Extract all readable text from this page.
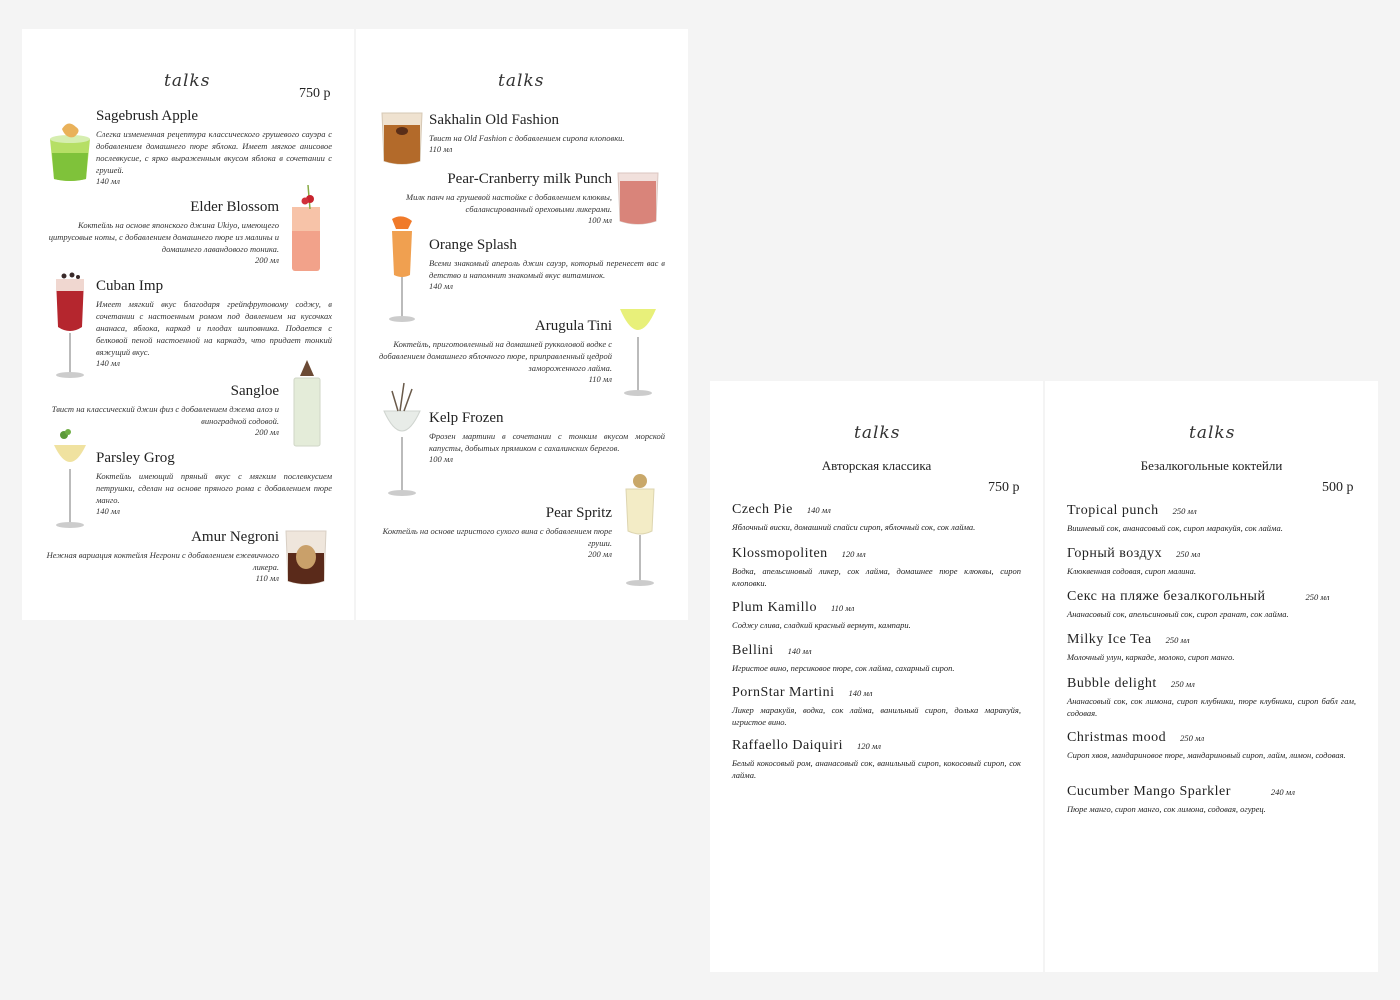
talks
750 р
Sagebrush Apple
Слегка измененная рецептура классического грушевого сауэра с добавлением домашнего пюре яблока. Имеет мягкое анисовое послевкусие, с ярко выраженным вкусом яблока в сочетании с грушей.
140 мл
Elder Blossom
Коктейль на основе японского джина Ukiyo, имеющего цитрусовые ноты, с добавлением домашнего пюре из малины и домашнего лавандового тоника.
200 мл
Cuban Imp
Имеет мягкий вкус благодаря грейпфрутовому соджу, в сочетании с настоенным ромом под давлением на кусочках ананаса, яблока, каркад и плодах шиповника. Подается с белковой пеной настоенной на каркадэ, что придает тонкий вяжущий вкус.
140 мл
Sangloe
Твист на классический джин физ с добавлением джема алоэ и виноградной содовой.
200 мл
Parsley Grog
Коктейль имеющий пряный вкус с мягким послевкусием петрушки, сделан на основе пряного рома с добавлением пюре манго.
140 мл
Amur Negroni
Нежная вариация коктейля Негрони с добавлением ежевичного ликера.
110 мл
talks
Sakhalin Old Fashion
Твист на Old Fashion с добавлением сиропа клоповки.
110 мл
Pear-Cranberry milk Punch
Милк панч на грушевой настойке с добавлением клюквы, сбалансированный ореховыми ликерами.
100 мл
Orange Splash
Всеми знакомый апероль джин сауэр, который перенесет вас в детство и напомнит знакомый вкус витаминок.
140 мл
Arugula Tini
Коктейль, приготовленный на домашней рукколовой водке с добавлением домашнего яблочного пюре, приправленный цедрой замороженного лайма.
110 мл
Kelp Frozen
Фрозен мартини в сочетании с тонким вкусом морской капусты, добытых прямиком с сахалинских берегов.
100 мл
Pear Spritz
Коктейль на основе игристого сухого вина с добавлением пюре груши.
200 мл
talks
Авторская классика
750 р
Czech Pie 140 мл
Яблочный виски, домашний спайси сироп, яблочный сок, сок лайма.
Klossmopoliten 120 мл
Водка, апельсиновый ликер, сок лайма, домашнее пюре клюквы, сироп клоповки.
Plum Kamillo 110 мл
Соджу слива, сладкий красный вермут, кампари.
Bellini 140 мл
Игристое вино, персиковое пюре, сок лайма, сахарный сироп.
PornStar Martini 140 мл
Ликер маракуйя, водка, сок лайма, ванильный сироп, долька маракуйя, игристое вино.
Raffaello Daiquiri 120 мл
Белый кокосовый ром, ананасовый сок, ванильный сироп, кокосовый сироп, сок лайма.
talks
Безалкогольные коктейли
500 р
Tropical punch 250 мл
Вишневый сок, ананасовый сок, сироп маракуйя, сок лайма.
Горный воздух 250 мл
Клюквенная содовая, сироп малина.
Секс на пляже безалкогольный	250 мл
Ананасовый сок, апельсиновый сок, сироп гранат, сок лайма.
Milky Ice Tea 250 мл
Молочный улун, каркаде, молоко, сироп манго.
Bubble delight 250 мл
Ананасовый сок, сок лимона, сироп клубники, пюре клубники, сироп бабл гам, содовая.
Christmas mood 250 мл
Сироп хвоя, мандариновое пюре, мандариновый сироп, лайм, лимон, содовая.
Cucumber Mango Sparkler	240 мл
Пюре манго, сироп манго, сок лимона, содовая, огурец.
